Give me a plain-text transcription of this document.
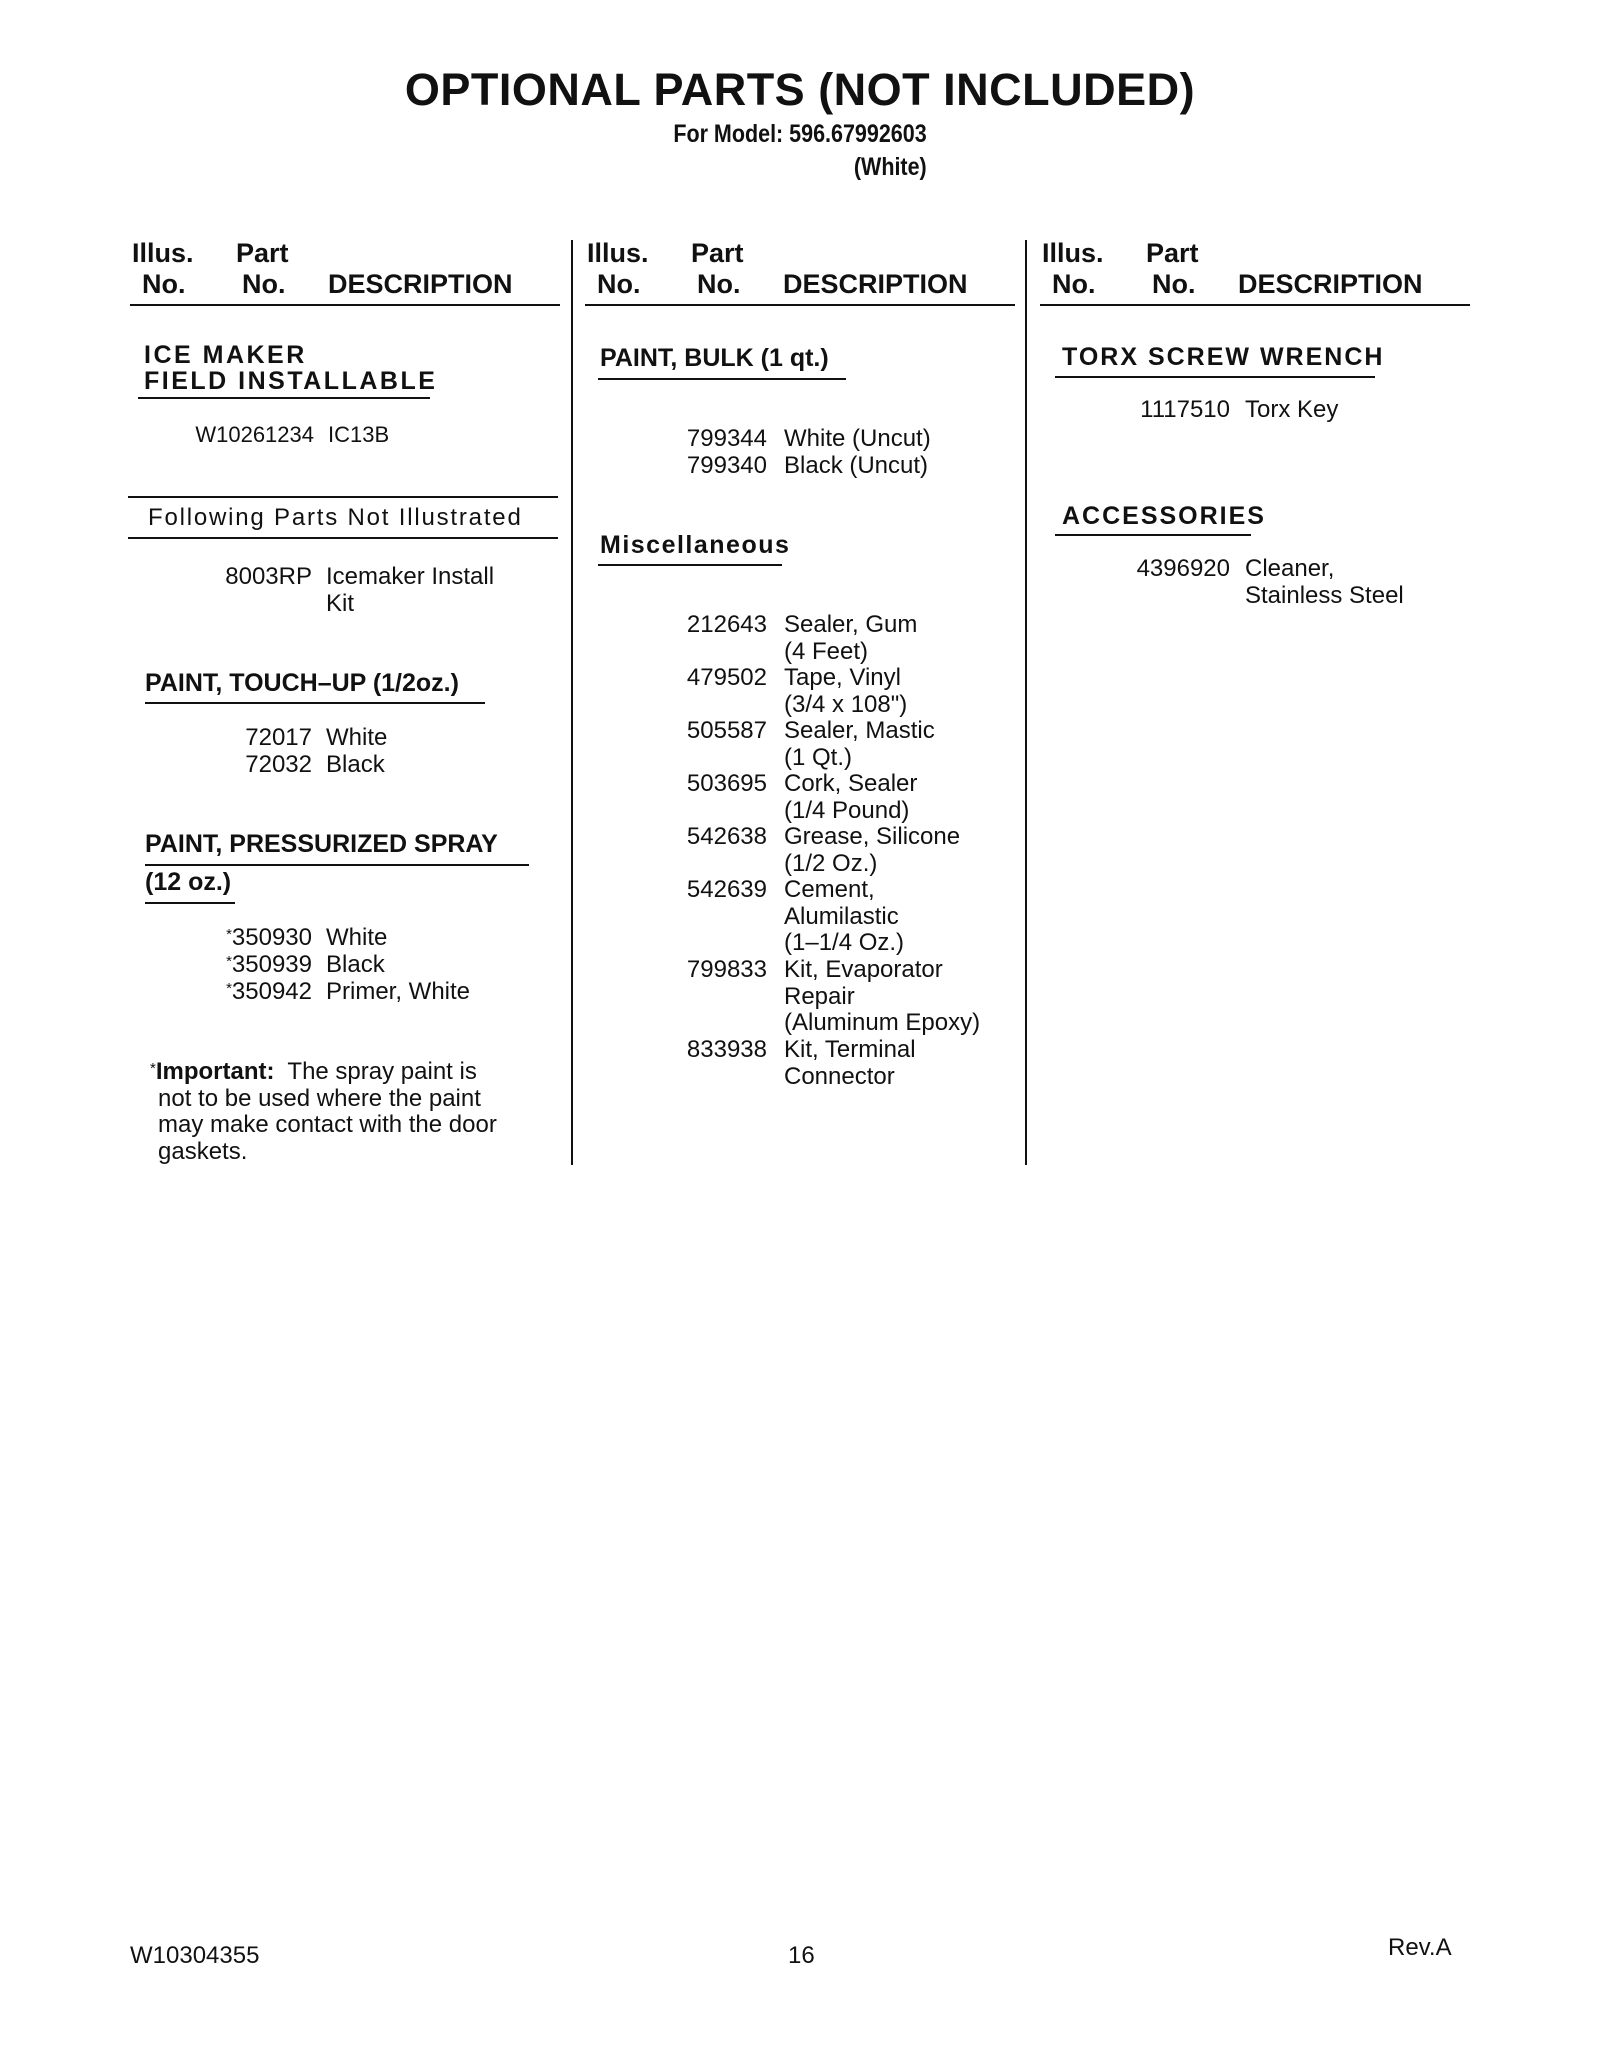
OPTIONAL PARTS (NOT INCLUDED)
For Model: 596.67992603
(White)
Illus.
No.
Part
No. DESCRIPTION
ICE MAKER
FIELD INSTALLABLE
W10261234 IC13B
Following Parts Not Illustrated
8003RP Icemaker Install
Kit
PAINT, TOUCH–UP (1/2oz.)
72017 White
72032 Black
PAINT, PRESSURIZED SPRAY
(12 oz.)
*350930 White
*350939 Black
*350942 Primer, White
*Important: The spray paint is
not to be used where the paint
may make contact with the door
gaskets.
Illus.
No.
Part
No. DESCRIPTION
PAINT, BULK (1 qt.)
799344 White (Uncut)
799340 Black (Uncut)
Miscellaneous
212643 Sealer, Gum
(4 Feet)
479502 Tape, Vinyl
(3/4 x 108")
505587 Sealer, Mastic
(1 Qt.)
503695 Cork, Sealer
(1/4 Pound)
542638 Grease, Silicone
(1/2 Oz.)
542639 Cement,
Alumilastic
(1–1/4 Oz.)
799833 Kit, Evaporator
Repair
(Aluminum Epoxy)
833938 Kit, Terminal
Connector
Illus.
No.
Part
No. DESCRIPTION
TORX SCREW WRENCH
1117510 Torx Key
ACCESSORIES
4396920 Cleaner,
Stainless Steel
W10304355	16	Rev.A
